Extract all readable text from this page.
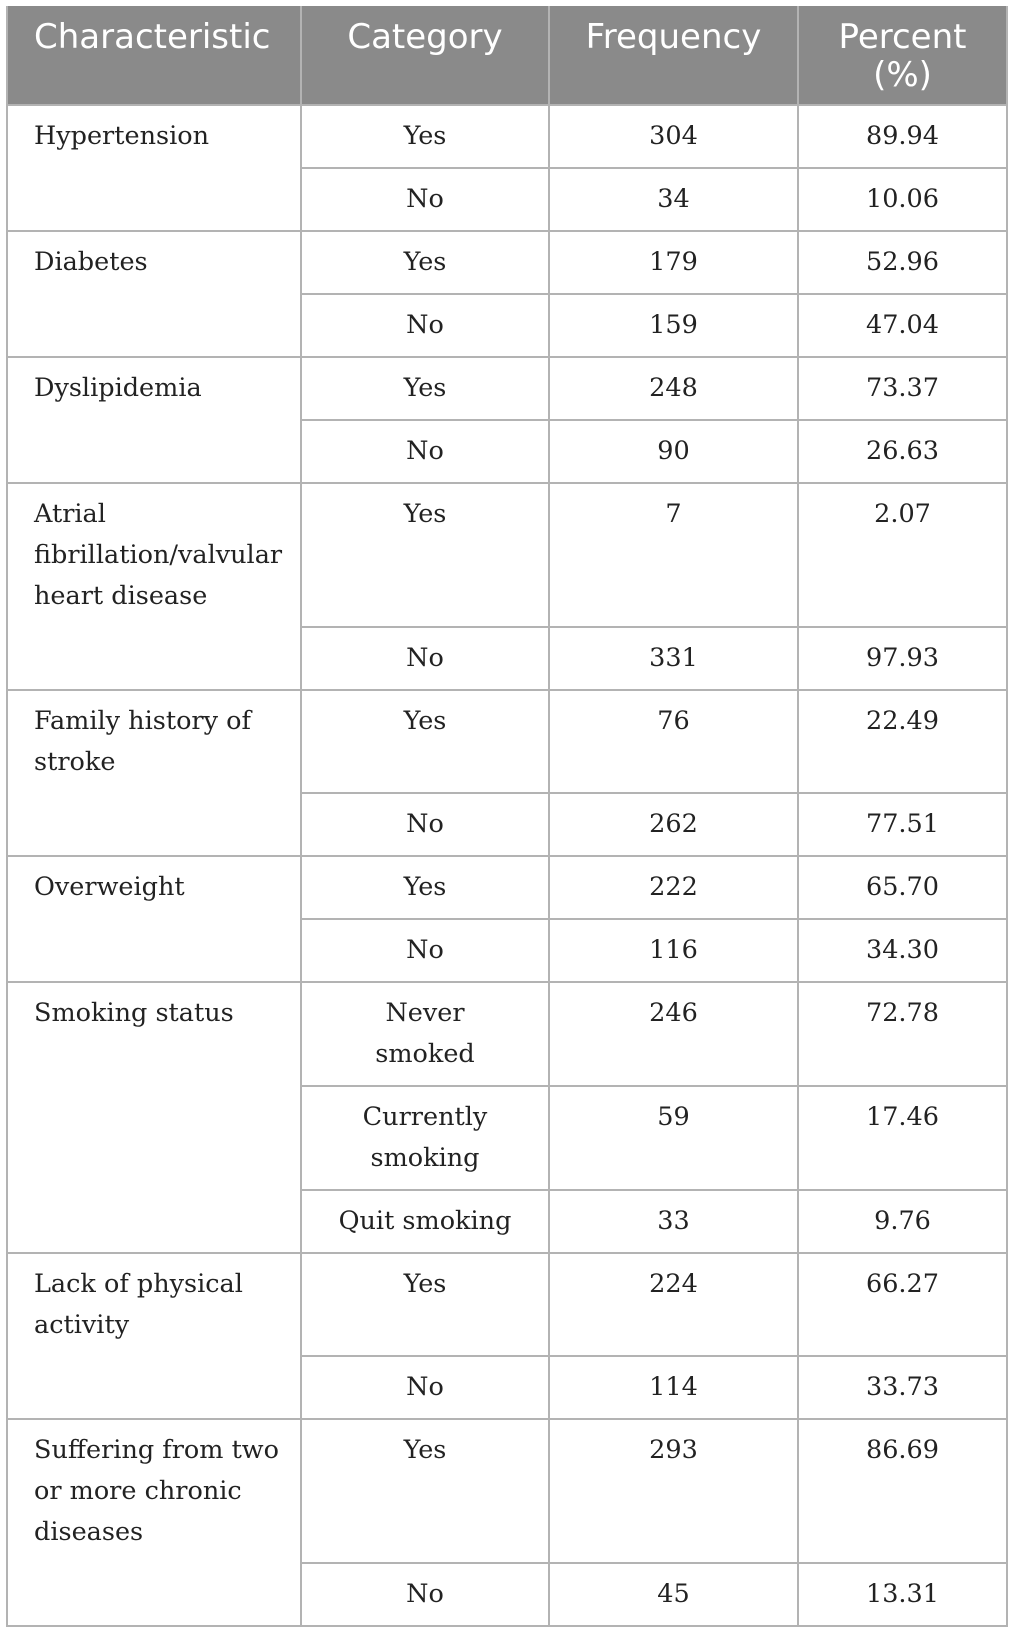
Characteristic	Category	Frequency	Percent (%)
Hypertension	Yes	304	89.94
	No	34	10.06
Diabetes	Yes	179	52.96
	No	159	47.04
Dyslipidemia	Yes	248	73.37
	No	90	26.63
Atrial fibrillation/valvular heart disease	Yes	7	2.07
	No	331	97.93
Family history of stroke	Yes	76	22.49
	No	262	77.51
Overweight	Yes	222	65.70
	No	116	34.30
Smoking status	Never smoked	246	72.78
	Currently smoking	59	17.46
	Quit smoking	33	9.76
Lack of physical activity	Yes	224	66.27
	No	114	33.73
Suffering from two or more chronic diseases	Yes	293	86.69
	No	45	13.31
